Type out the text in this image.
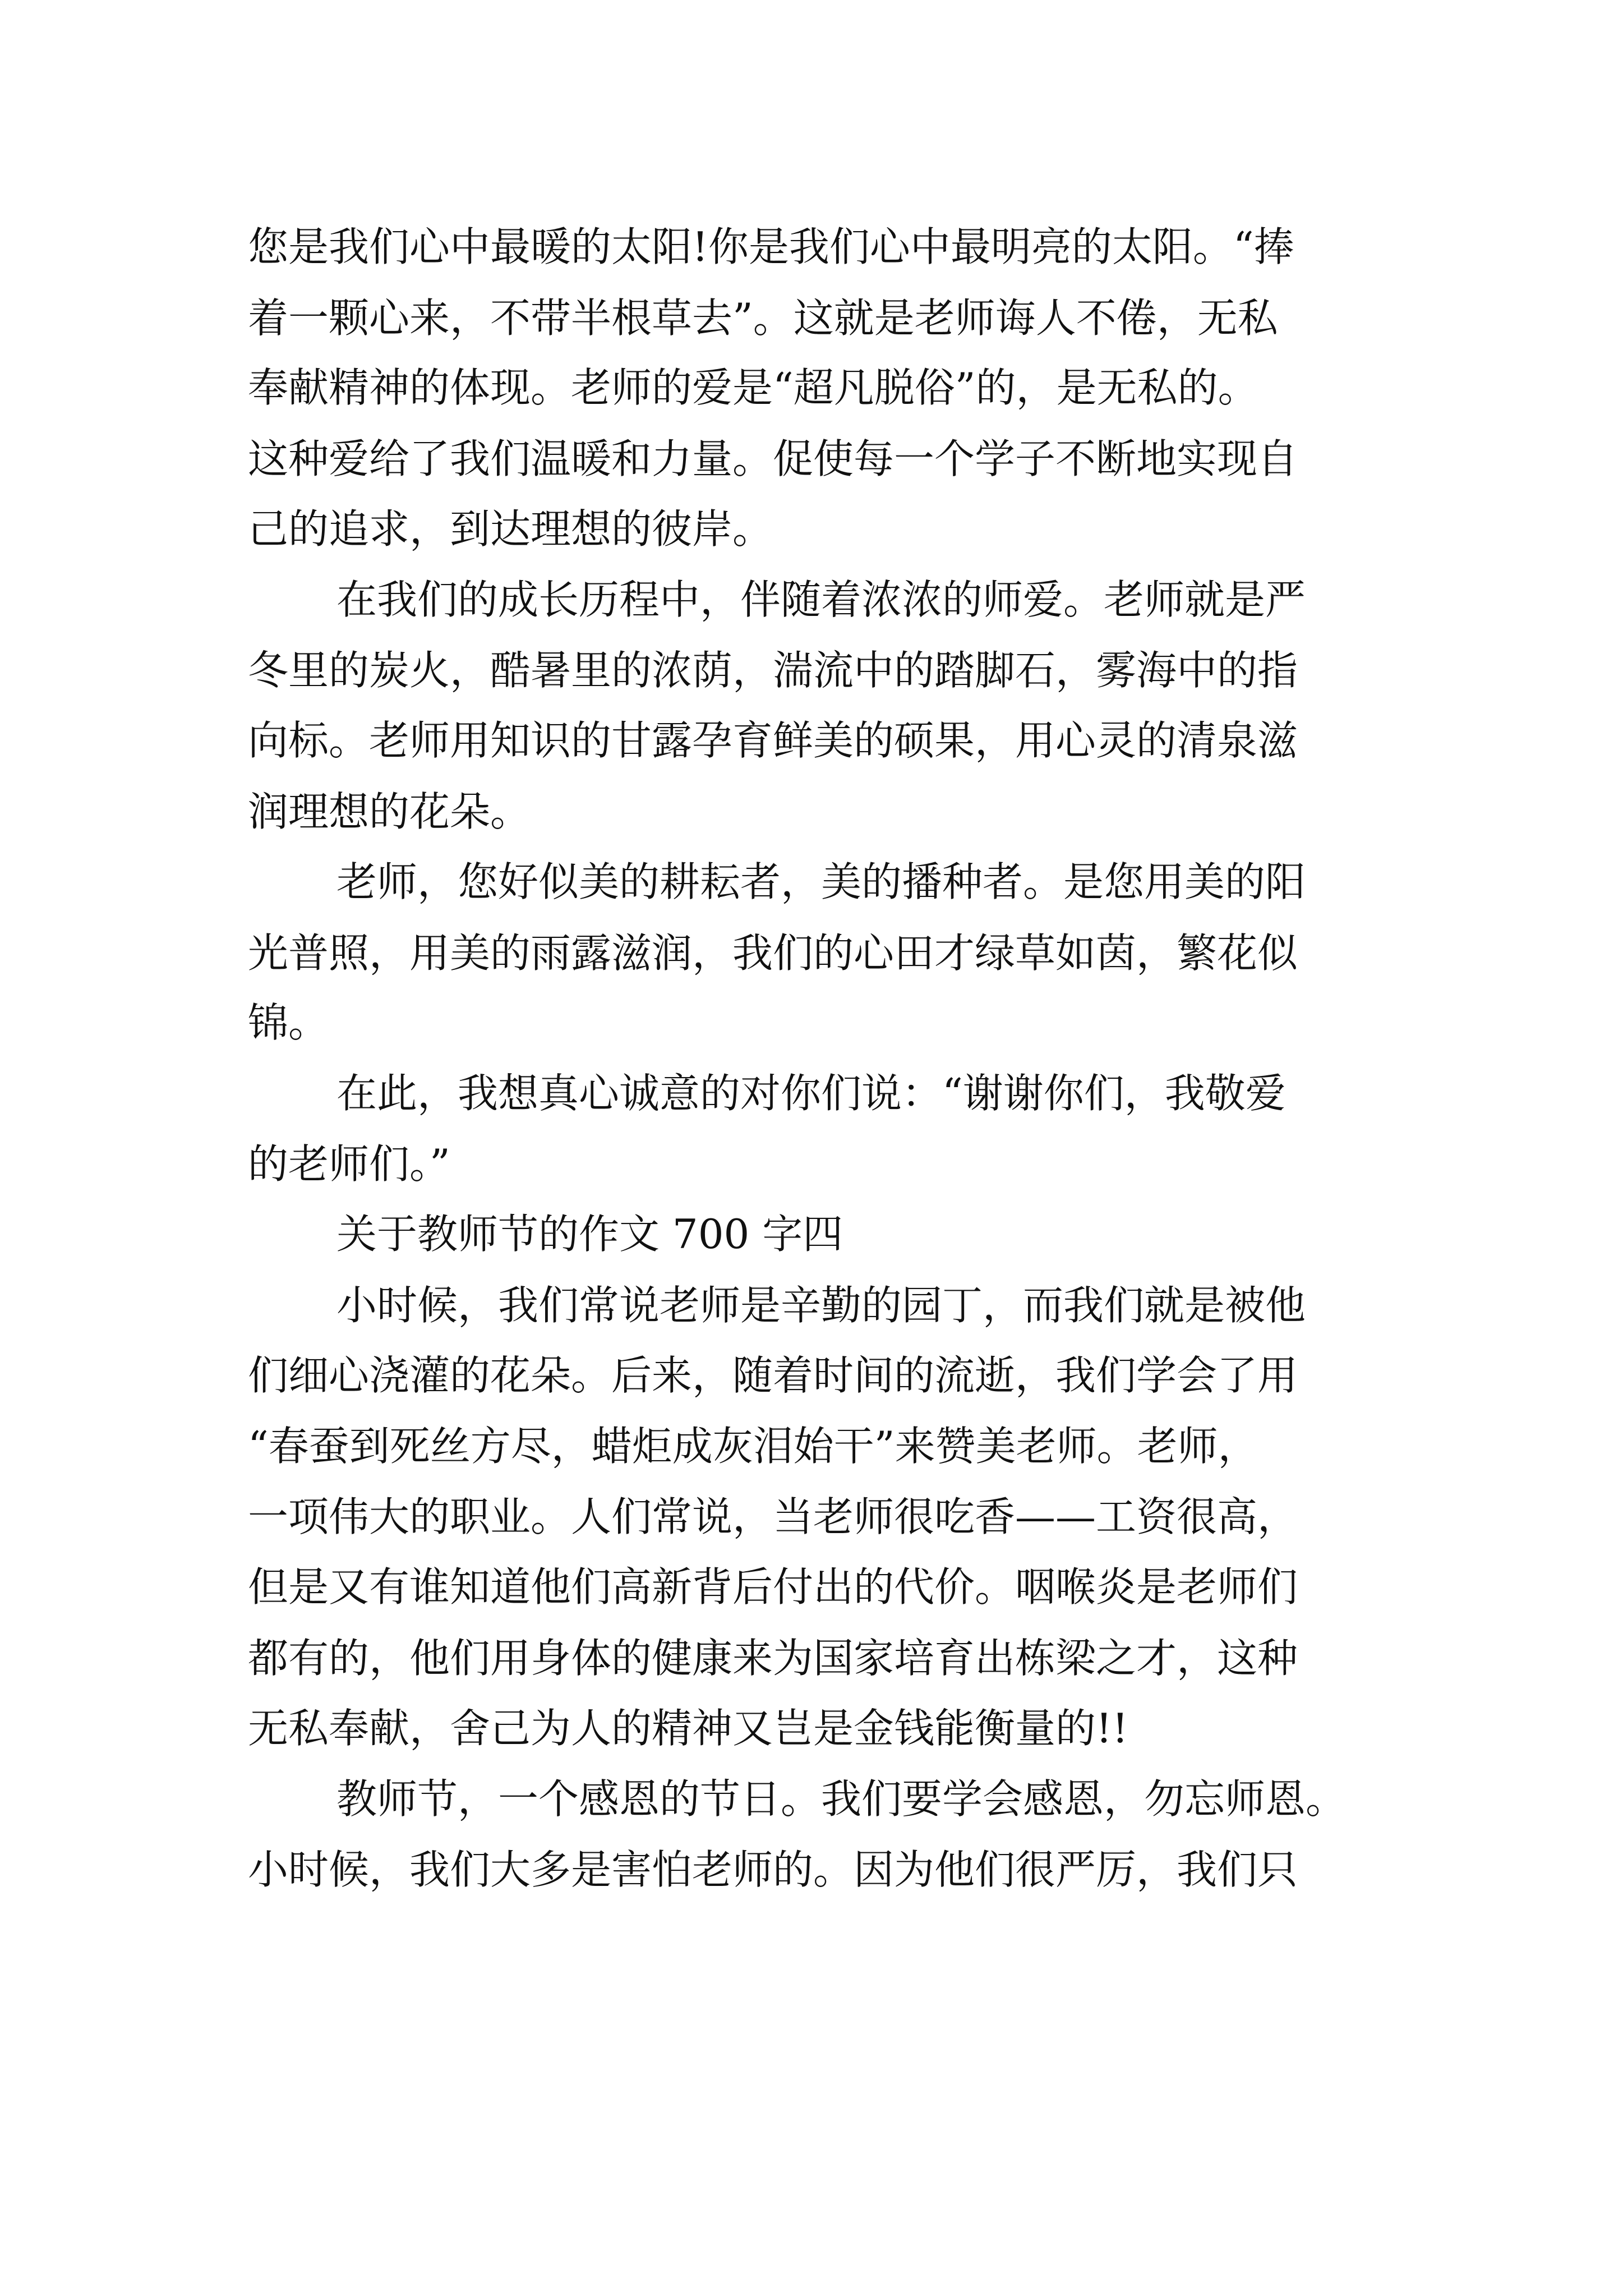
您是我们心中最暖的太阳!你是我们心中最明亮的太阳。“捧

着一颗心来，不带半根草去”。这就是老师诲人不倦，无私

奉献精神的体现。老师的爱是“超凡脱俗”的，是无私的。

这种爱给了我们温暖和力量。促使每一个学子不断地实现自

己的追求，到达理想的彼岸。

在我们的成长历程中，伴随着浓浓的师爱。老师就是严

冬里的炭火，酷暑里的浓荫，湍流中的踏脚石，雾海中的指

向标。老师用知识的甘露孕育鲜美的硕果，用心灵的清泉滋

润理想的花朵。

老师，您好似美的耕耘者，美的播种者。是您用美的阳

光普照，用美的雨露滋润，我们的心田才绿草如茵，繁花似

锦。

在此，我想真心诚意的对你们说：“谢谢你们，我敬爱

的老师们。”

关于教师节的作文 700 字四

小时候，我们常说老师是辛勤的园丁，而我们就是被他

们细心浇灌的花朵。后来，随着时间的流逝，我们学会了用

“春蚕到死丝方尽，蜡炬成灰泪始干”来赞美老师。老师，

一项伟大的职业。人们常说，当老师很吃香——工资很高，

但是又有谁知道他们高新背后付出的代价。咽喉炎是老师们

都有的，他们用身体的健康来为国家培育出栋梁之才，这种

无私奉献，舍己为人的精神又岂是金钱能衡量的!!

教师节，一个感恩的节日。我们要学会感恩，勿忘师恩。

小时候，我们大多是害怕老师的。因为他们很严厉，我们只
